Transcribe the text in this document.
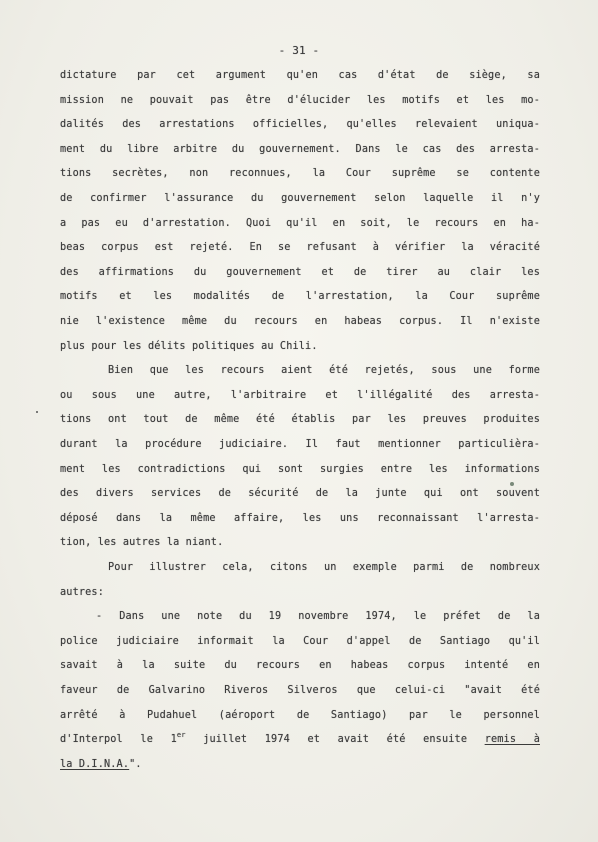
- 31 -
dictature par cet argument qu'en cas d'état de siège, sa
mission ne pouvait pas être d'élucider les motifs et les mo-
dalités des arrestations officielles, qu'elles relevaient uniqua-
ment du libre arbitre du gouvernement. Dans le cas des arresta-
tions secrètes, non reconnues, la Cour suprême se contente
de confirmer l'assurance du gouvernement selon laquelle il n'y
a pas eu d'arrestation. Quoi qu'il en soit, le recours en ha-
beas corpus est rejeté. En se refusant à vérifier la véracité
des affirmations du gouvernement et de tirer au clair les
motifs et les modalités de l'arrestation, la Cour suprême
nie l'existence même du recours en habeas corpus. Il n'existe
plus pour les délits politiques au Chili.
Bien que les recours aient été rejetés, sous une forme
ou sous une autre, l'arbitraire et l'illégalité des arresta-
tions ont tout de même été établis par les preuves produites
durant la procédure judiciaire. Il faut mentionner particulièra-
ment les contradictions qui sont surgies entre les informations
des divers services de sécurité de la junte qui ont souvent
déposé dans la même affaire, les uns reconnaissant l'arresta-
tion, les autres la niant.
Pour illustrer cela, citons un exemple parmi de nombreux
autres:
- Dans une note du 19 novembre 1974, le préfet de la
police judiciaire informait la Cour d'appel de Santiago qu'il
savait à la suite du recours en habeas corpus intenté en
faveur de Galvarino Riveros Silveros que celui-ci "avait été
arrêté à Pudahuel (aéroport de Santiago) par le personnel
d'Interpol le 1er juillet 1974 et avait été ensuite remis à
la D.I.N.A.".
